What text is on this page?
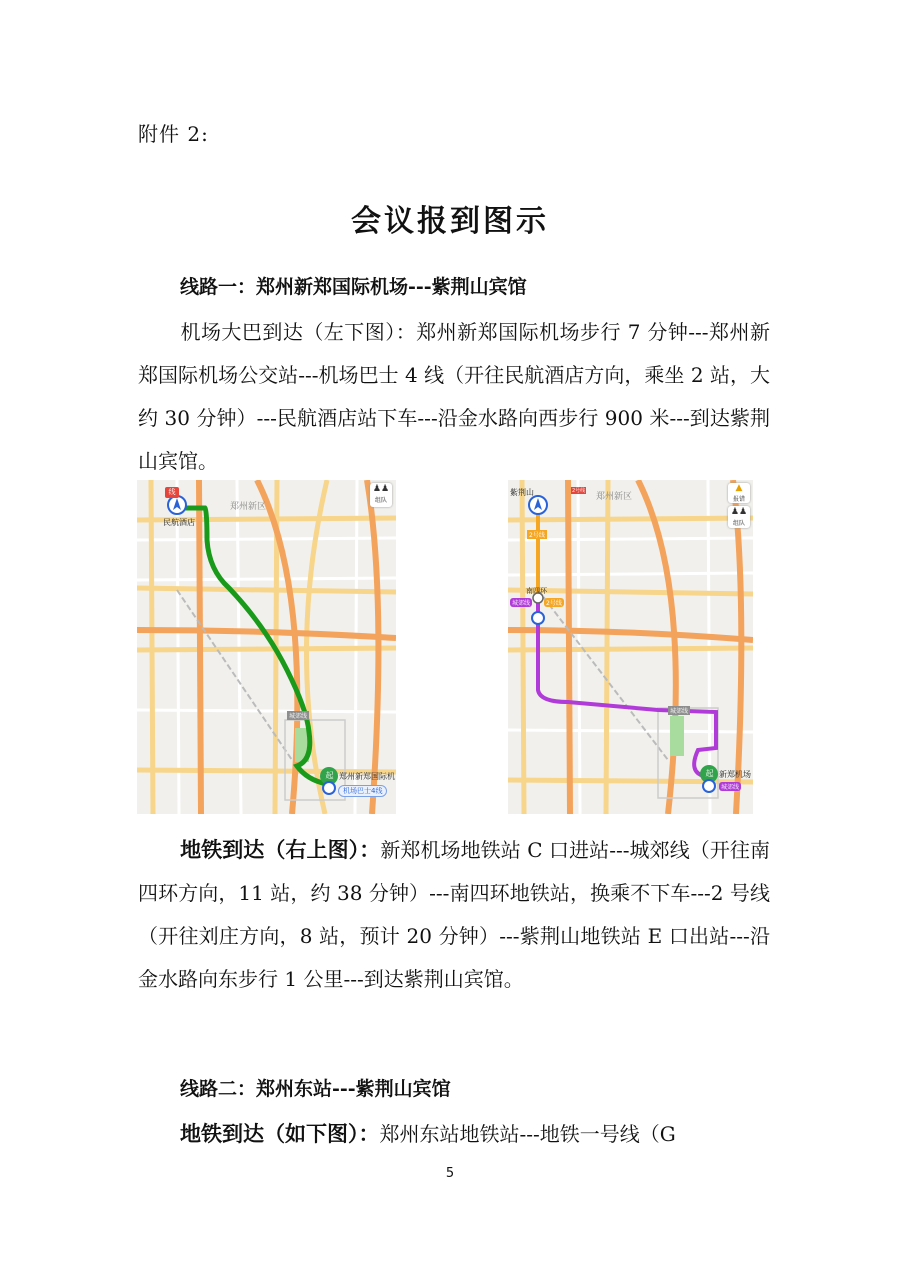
附件 2:
会议报到图示
线路一：郑州新郑国际机场---紫荆山宾馆
机场大巴到达（左下图）：郑州新郑国际机场步行 7 分钟---郑州新郑国际机场公交站---机场巴士 4 线（开往民航酒店方向，乘坐 2 站，大约 30 分钟）---民航酒店站下车---沿金水路向西步行 900 米---到达紫荆山宾馆。
线
民航酒店
郑州新区
城郊线
起 郑州新郑国际机
机场巴士4线
♟♟
组队
紫荆山	郑州新区
2号线
2号线
南四环
城郊线	2号线
城郊线
起 新郑机场
城郊线
▲
报错
♟♟
组队
地铁到达（右上图）：新郑机场地铁站 C 口进站---城郊线（开往南四环方向，11 站，约 38 分钟）---南四环地铁站，换乘不下车---2 号线（开往刘庄方向，8 站，预计 20 分钟）---紫荆山地铁站 E 口出站---沿金水路向东步行 1 公里---到达紫荆山宾馆。
线路二：郑州东站---紫荆山宾馆
地铁到达（如下图）：郑州东站地铁站---地铁一号线（G
5
